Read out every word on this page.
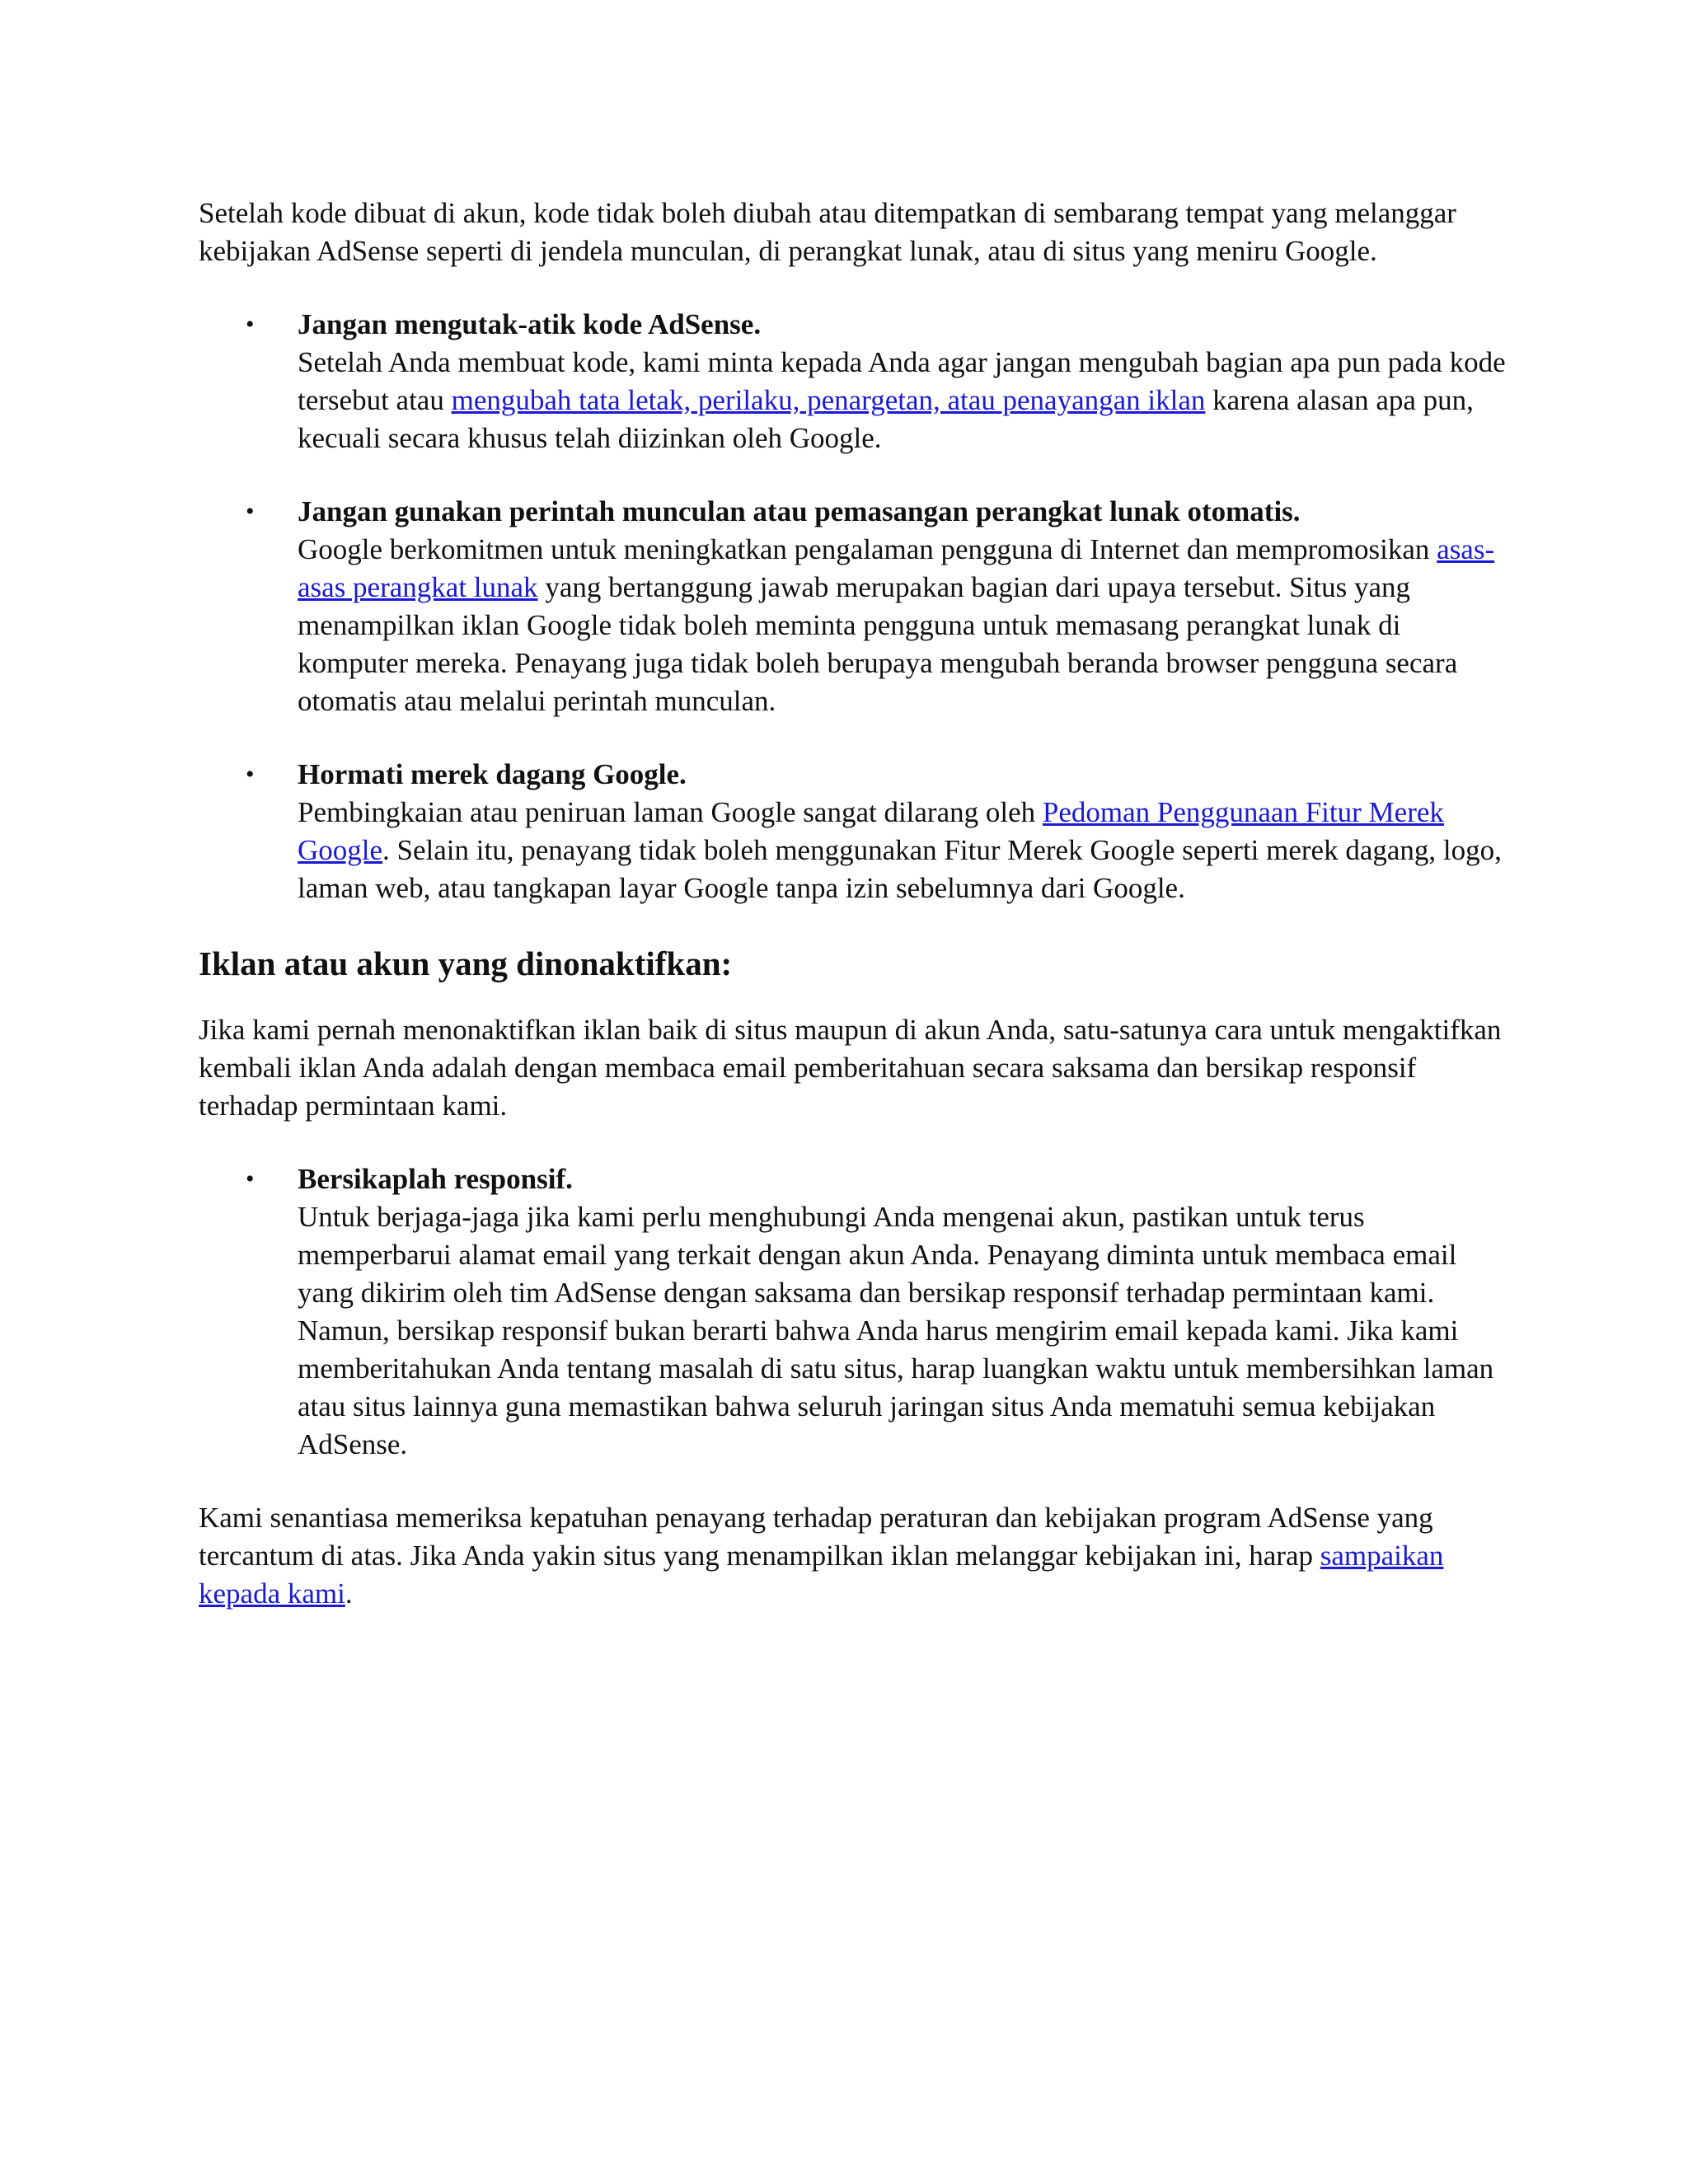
Setelah kode dibuat di akun, kode tidak boleh diubah atau ditempatkan di sembarang tempat yang melanggar kebijakan AdSense seperti di jendela munculan, di perangkat lunak, atau di situs yang meniru Google.

• Jangan mengutak-atik kode AdSense.
Setelah Anda membuat kode, kami minta kepada Anda agar jangan mengubah bagian apa pun pada kode tersebut atau mengubah tata letak, perilaku, penargetan, atau penayangan iklan karena alasan apa pun, kecuali secara khusus telah diizinkan oleh Google.
• Jangan gunakan perintah munculan atau pemasangan perangkat lunak otomatis.
Google berkomitmen untuk meningkatkan pengalaman pengguna di Internet dan mempromosikan asas-asas perangkat lunak yang bertanggung jawab merupakan bagian dari upaya tersebut. Situs yang menampilkan iklan Google tidak boleh meminta pengguna untuk memasang perangkat lunak di komputer mereka. Penayang juga tidak boleh berupaya mengubah beranda browser pengguna secara otomatis atau melalui perintah munculan.
• Hormati merek dagang Google.
Pembingkaian atau peniruan laman Google sangat dilarang oleh Pedoman Penggunaan Fitur Merek Google. Selain itu, penayang tidak boleh menggunakan Fitur Merek Google seperti merek dagang, logo, laman web, atau tangkapan layar Google tanpa izin sebelumnya dari Google.
Iklan atau akun yang dinonaktifkan:

Jika kami pernah menonaktifkan iklan baik di situs maupun di akun Anda, satu-satunya cara untuk mengaktifkan kembali iklan Anda adalah dengan membaca email pemberitahuan secara saksama dan bersikap responsif terhadap permintaan kami.

• Bersikaplah responsif.
Untuk berjaga-jaga jika kami perlu menghubungi Anda mengenai akun, pastikan untuk terus memperbarui alamat email yang terkait dengan akun Anda. Penayang diminta untuk membaca email yang dikirim oleh tim AdSense dengan saksama dan bersikap responsif terhadap permintaan kami. Namun, bersikap responsif bukan berarti bahwa Anda harus mengirim email kepada kami. Jika kami memberitahukan Anda tentang masalah di satu situs, harap luangkan waktu untuk membersihkan laman atau situs lainnya guna memastikan bahwa seluruh jaringan situs Anda mematuhi semua kebijakan AdSense.

Kami senantiasa memeriksa kepatuhan penayang terhadap peraturan dan kebijakan program AdSense yang tercantum di atas. Jika Anda yakin situs yang menampilkan iklan melanggar kebijakan ini, harap sampaikan kepada kami.
